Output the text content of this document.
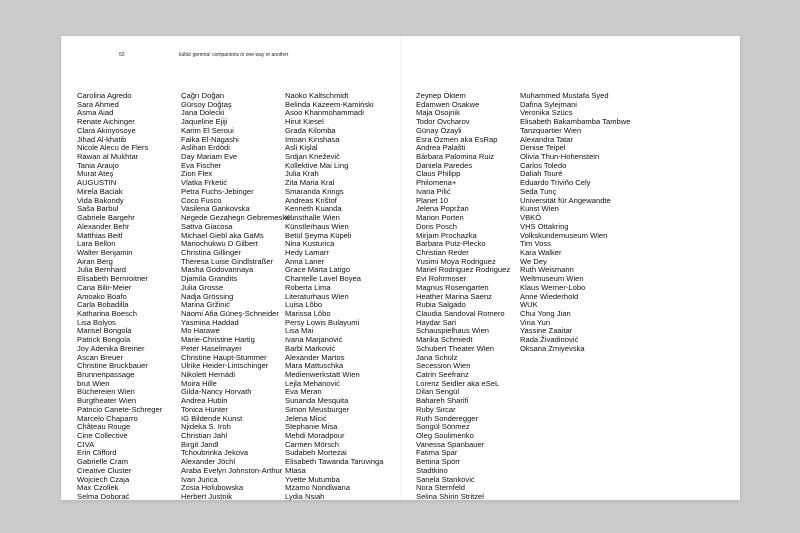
52	kültür gemma! companions in one way or another
Carolina Agredo
Sara Ahmed
Asma Aiad
Renate Aichinger
Clara Akinyosoye
Jihad Al-khatib
Nicole Alecu de Flers
Rawan al Mukhtar
Tania Araujo
Murat Ateş
AUGUSTIN
Mirela Baciak
Vida Bakondy
Saša Barbul
Gabriele Bargehr
Alexander Behr
Matthias Beitl
Lara Bellon
Walter Benjamin
Airan Berg
Julia Bernhard
Elisabeth Bernroitner
Cana Bilir-Meier
Amoako Boafo
Carla Bobadilla
Katharina Boesch
Lisa Bolyos
Marisel Bongola
Patrick Bongola
Joy Adenika Breiner
Ascan Breuer
Christine Bruckbauer
Brunnenpassage
brut Wien
Büchereien Wien
Burgtheater Wien
Patricio Canete-Schreger
Marcelo Chaparro
Château Rouge
Cine Collective
CIVA
Erin Clifford
Gabrielle Cram
Creative Cluster
Wojciech Czaja
Max Czollek
Selma Doborać
Çağrı Doğan
Gürsoy Doğtaş
Jana Dolecki
Jaqueline Ejiji
Karim El Seroui
Faika El-Nagashi
Aslihan Erdödi
Day Mariam Eve
Eva Fischer
Zion Flex
Vlatka Frketić
Petra Fuchs-Jebinger
Coco Fusco
Vasilena Gankovska
Negede Gezahegn Gebremeskel
Sattva Giacosa
Michael Giebl aka GaMs
Mariochukwu D Gilbert
Christina Gillinger
Theresa Luise Gindlstraßer
Masha Godovannaya
Djamila Grandits
Julia Grosse
Nadja Grössing
Marina Gržinić
Naomi Afia Güneş-Schneider
Yasmina Haddad
Mo Harawe
Marie-Christine Hartig
Peter Haselmayer
Christine Haupt-Stummer
Ulrike Heider-Lintschinger
Nikolett Hernádi
Moira Hille
Gilda-Nancy Horvath
Andrea Hubin
Tonica Hunter
IG Bildende Kunst
Njideka S. Iroh
Christian Jahl
Birgit Jandl
Tchoubrinka Jekova
Alexander Jöchl
Araba Evelyn Johnston-Arthur
Ivan Jurica
Zosia Holubowska
Herbert Justnik
Naoko Kaltschmidt
Belinda Kazeem-Kamiński
Asoo Khanmohammadi
Hirut Kiesel
Grada Kilomba
Imoan Kinshasa
Asli Kişlal
Srdjan Kneževič
Kollektive Mai Ling
Julia Krah
Zita Maria Kral
Smaranda Krings
Andreas Krištof
Kenneth Kuanda
Kunsthalle Wien
Künstlerhaus Wien
Betül Şeyma Küpeli
Nina Kusturica
Hedy Lamarr
Anna Laner
Grace Marta Latigo
Chantelle Lavel Boyea
Roberta Lima
Literaturhaus Wien
Luisa Lôbo
Marissa Lôbo
Persy Lowis Bulayumi
Lisa Mai
Ivana Marjanović
Barbi Marković
Alexander Martos
Mara Mattuschka
Medienwerkstatt Wien
Lejla Mehanović
Eva Meran
Sunanda Mesquita
Simon Meusburger
Jelena Micić
Stephanie Misa
Mehdi Moradpour
Carmen Mörsch
Sudabeh Mortezai
Elisabeth Tawanda Taruvinga
Mtasa
Yvette Mutumba
Mzamo Nondlwana
Lydia Nsiah
Zeynep Öktem
Edamwen Osakwe
Maja Osojnik
Todor Ovcharov
Günay Özayli
Esra Özmen aka EsRap
Andrea Palašti
Bárbara Palomina Ruiz
Daniela Paredes
Claus Philipp
Philomena+
Ivana Pilić
Planet 10
Jelena Popržan
Marion Porten
Doris Posch
Mirjam Prochazka
Barbara Putz-Plecko
Christian Reder
Yusimi Moya Rodriguez
Mariel Rodriguez Rodriguez
Evi Rohrmoser
Magnus Rosengarten
Heather Marina Saenz
Rubia Salgado
Claudia Sandoval Romero
Haydar Sari
Schauspielhaus Wien
Marika Schmiedt
Schubert Theater Wien
Jana Schulz
Secession Wien
Catrin Seefranz
Lorenz Seidler aka eSeL
Dilan Sengül
Bahareh Sharifi
Ruby Sircar
Ruth Sonderegger
Songül Sönmez
Oleg Soulimenko
Vanessa Spanbauer
Fatima Spar
Bettina Spörr
Stadtkino
Sanela Stanković
Nora Sternfeld
Selina Shirin Stritzel
Muhammed Mustafa Syed
Dafina Sylejmani
Veronika Szücs
Elisabeth Bakambamba Tambwe
Tanzquartier Wien
Alexandra Tatar
Denise Teipel
Olivia Thun-Hohenstein
Carlos Toledo
Daliah Touré
Eduardo Triviño Cely
Seda Tunç
Universität für Angewandte
Kunst Wien
VBKÖ
VHS Ottakring
Volkskundemuseum Wien
Tim Voss
Kara Walker
We Dey
Ruth Weismann
Weltmuseum Wien
Klaus Werner-Lobo
Anne Wiederhold
WUK
Chui Yong Jian
Vina Yun
Yassine Zaaitar
Rada Živadinović
Oksana Zmiyevska
